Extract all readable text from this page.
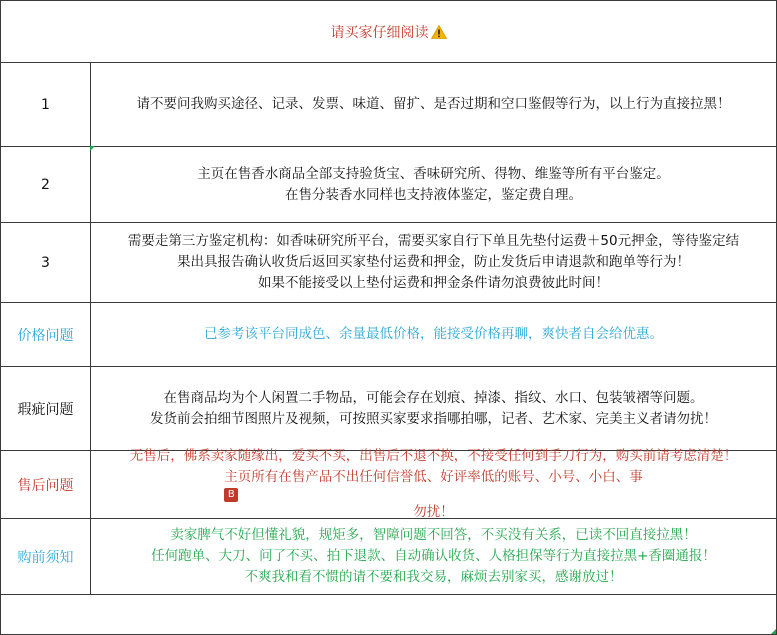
请买家仔细阅读
1	请不要问我购买途径、记录、发票、味道、留扩、是否过期和空口鉴假等行为，以上行为直接拉黑！
2
主页在售香水商品全部支持验货宝、香味研究所、得物、维鉴等所有平台鉴定。
在售分装香水同样也支持液体鉴定，鉴定费自理。
3
需要走第三方鉴定机构：如香味研究所平台，需要买家自行下单且先垫付运费＋50元押金，等待鉴定结
果出具报告确认收货后返回买家垫付运费和押金，防止发货后申请退款和跑单等行为！
如果不能接受以上垫付运费和押金条件请勿浪费彼此时间！
价格问题	已参考该平台同成色、余量最低价格，能接受价格再聊，爽快者自会给优惠。
瑕疵问题
在售商品均为个人闲置二手物品，可能会存在划痕、掉漆、指纹、水口、包装皱褶等问题。
发货前会拍细节图照片及视频，可按照买家要求指哪拍哪，记者、艺术家、完美主义者请勿扰！
售后问题
无售后，佛系卖家随缘出，爱买不买，出售后不退不换，不接受任何到手刀行为，购买前请考虑清楚！
主页所有在售产品不出任何信誉低、好评率低的账号、小号、小白、事
B
勿扰！
购前须知
卖家脾气不好但懂礼貌，规矩多，智障问题不回答，不买没有关系，已读不回直接拉黑！
任何跑单、大刀、问了不买、拍下退款、自动确认收货、人格担保等行为直接拉黑+香圈通报！
不爽我和看不惯的请不要和我交易，麻烦去别家买，感谢放过！
